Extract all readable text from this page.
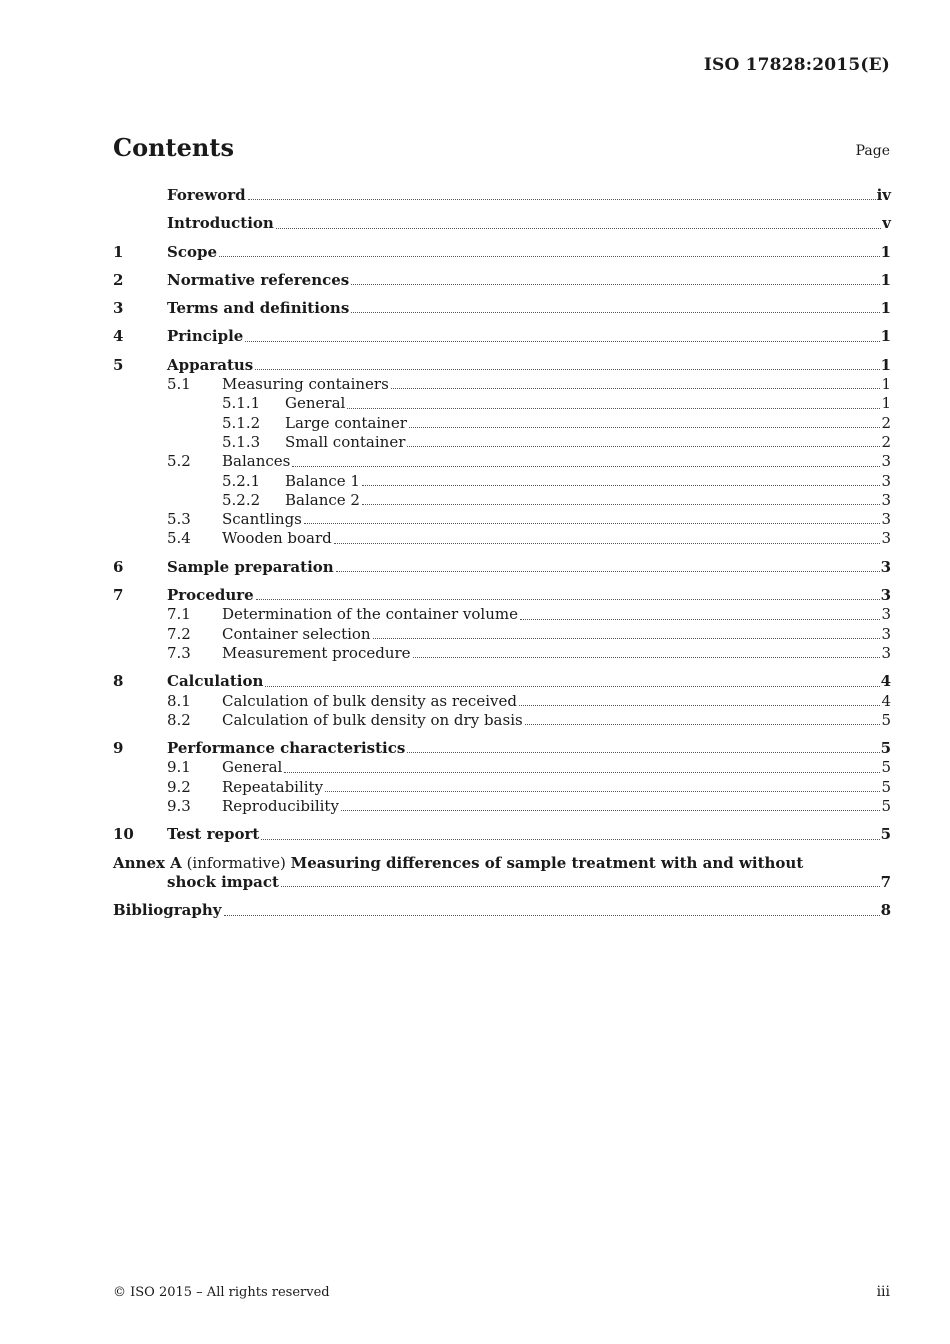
ISO 17828:2015(E)
Contents	Page
Foreword	iv
Introduction	v
1	Scope	1
2	Normative references	1
3	Terms and definitions	1
4	Principle	1
5	Apparatus	1
5.1	Measuring containers	1
5.1.1	General	1
5.1.2	Large container	2
5.1.3	Small container	2
5.2	Balances	3
5.2.1	Balance 1	3
5.2.2	Balance 2	3
5.3	Scantlings	3
5.4	Wooden board	3
6	Sample preparation	3
7	Procedure	3
7.1	Determination of the container volume	3
7.2	Container selection	3
7.3	Measurement procedure	3
8	Calculation	4
8.1	Calculation of bulk density as received	4
8.2	Calculation of bulk density on dry basis	5
9	Performance characteristics	5
9.1	General	5
9.2	Repeatability	5
9.3	Reproducibility	5
10	Test report	5
Annex A (informative) Measuring differences of sample treatment with and without
shock impact	7
Bibliography	8
© ISO 2015 – All rights reserved	iii
